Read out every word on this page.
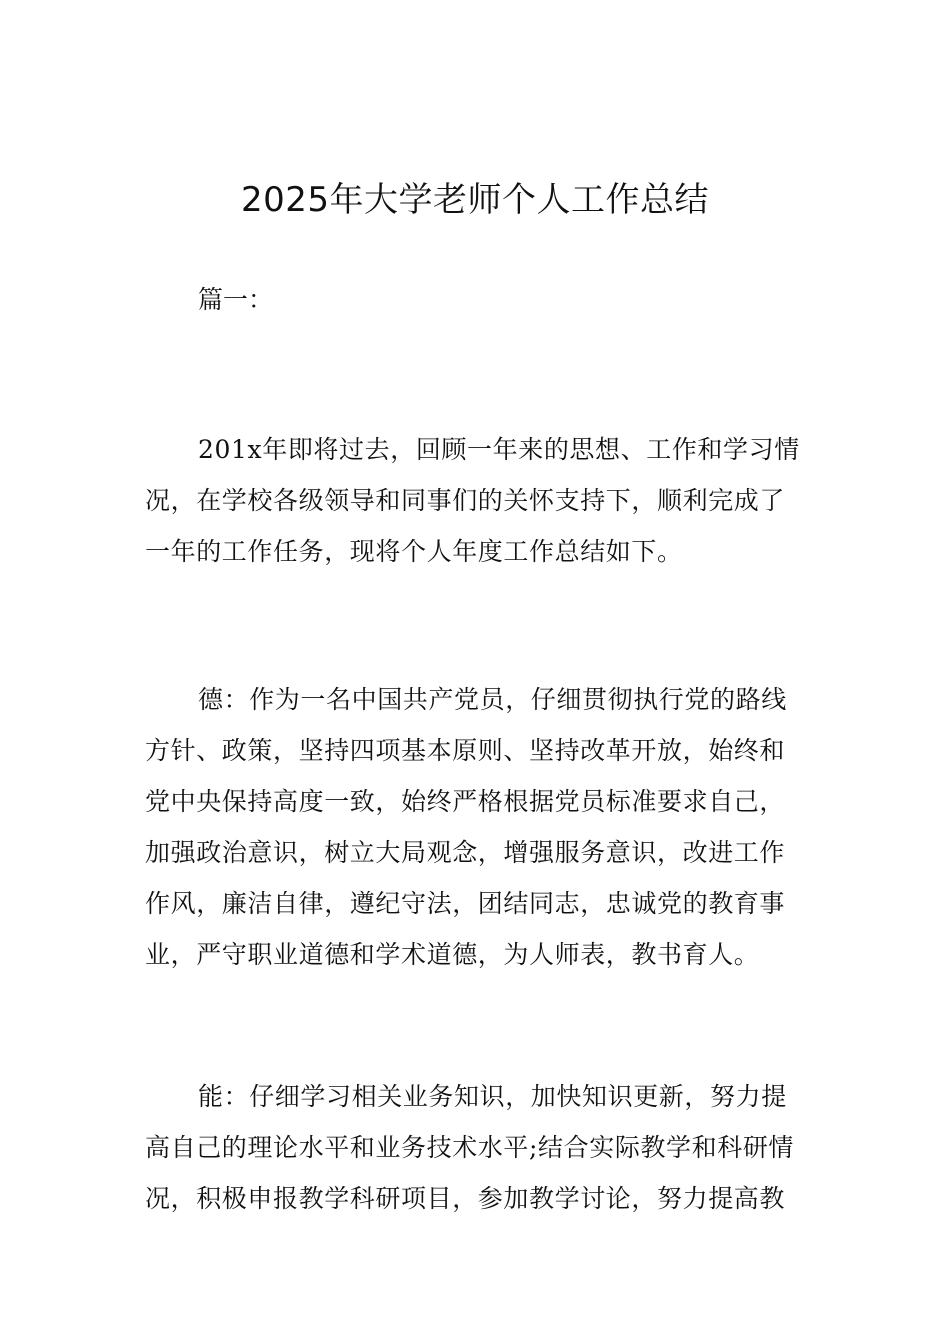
2025年大学老师个人工作总结
篇一：
201x年即将过去，回顾一年来的思想、工作和学习情
况，在学校各级领导和同事们的关怀支持下，顺利完成了
一年的工作任务，现将个人年度工作总结如下。
德：作为一名中国共产党员，仔细贯彻执行党的路线
方针、政策，坚持四项基本原则、坚持改革开放，始终和
党中央保持高度一致，始终严格根据党员标准要求自己，
加强政治意识，树立大局观念，增强服务意识，改进工作
作风，廉洁自律，遵纪守法，团结同志，忠诚党的教育事
业，严守职业道德和学术道德，为人师表，教书育人。
能：仔细学习相关业务知识，加快知识更新，努力提
高自己的理论水平和业务技术水平;结合实际教学和科研情
况，积极申报教学科研项目，参加教学讨论，努力提高教
